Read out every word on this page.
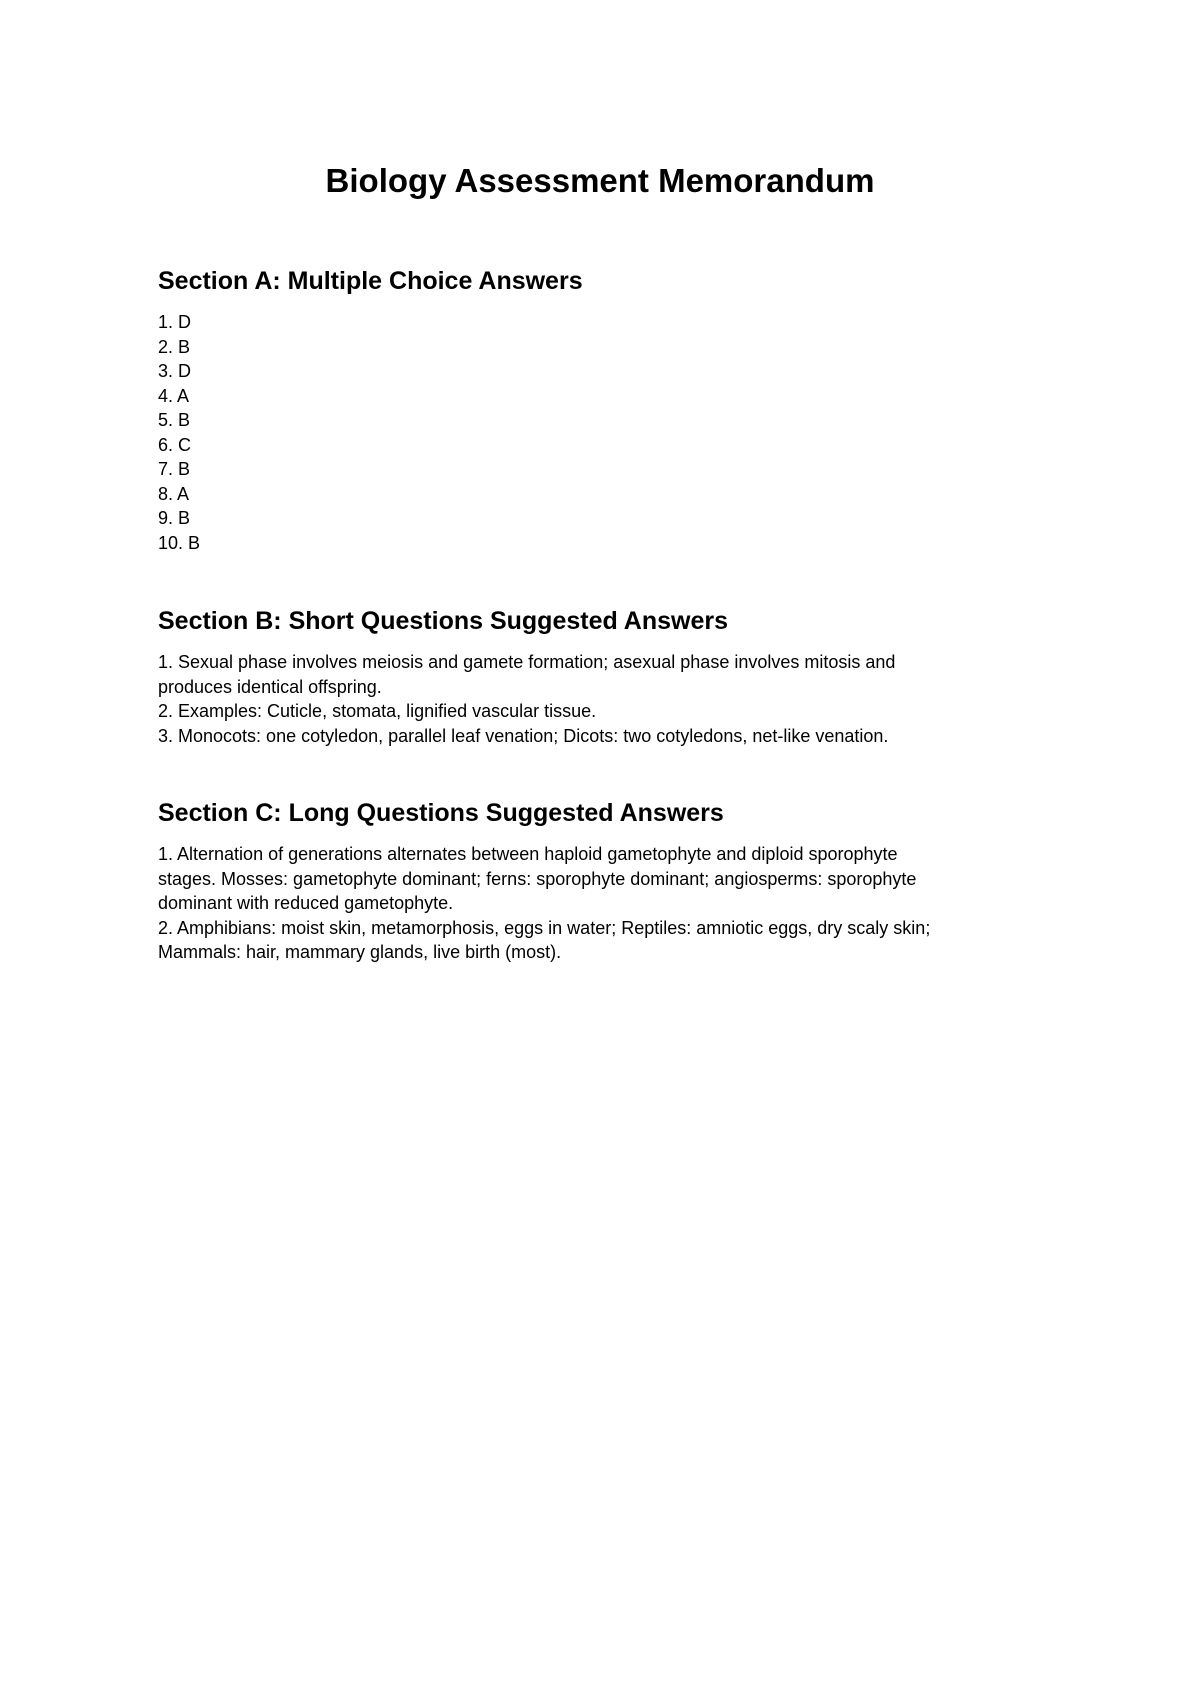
Biology Assessment Memorandum
Section A: Multiple Choice Answers

1. D

2. B

3. D

4. A

5. B

6. C

7. B

8. A

9. B

10. B

Section B: Short Questions Suggested Answers

1. Sexual phase involves meiosis and gamete formation; asexual phase involves mitosis and

produces identical offspring.

2. Examples: Cuticle, stomata, lignified vascular tissue.

3. Monocots: one cotyledon, parallel leaf venation; Dicots: two cotyledons, net-like venation.

Section C: Long Questions Suggested Answers

1. Alternation of generations alternates between haploid gametophyte and diploid sporophyte

stages. Mosses: gametophyte dominant; ferns: sporophyte dominant; angiosperms: sporophyte

dominant with reduced gametophyte.

2. Amphibians: moist skin, metamorphosis, eggs in water; Reptiles: amniotic eggs, dry scaly skin;

Mammals: hair, mammary glands, live birth (most).
